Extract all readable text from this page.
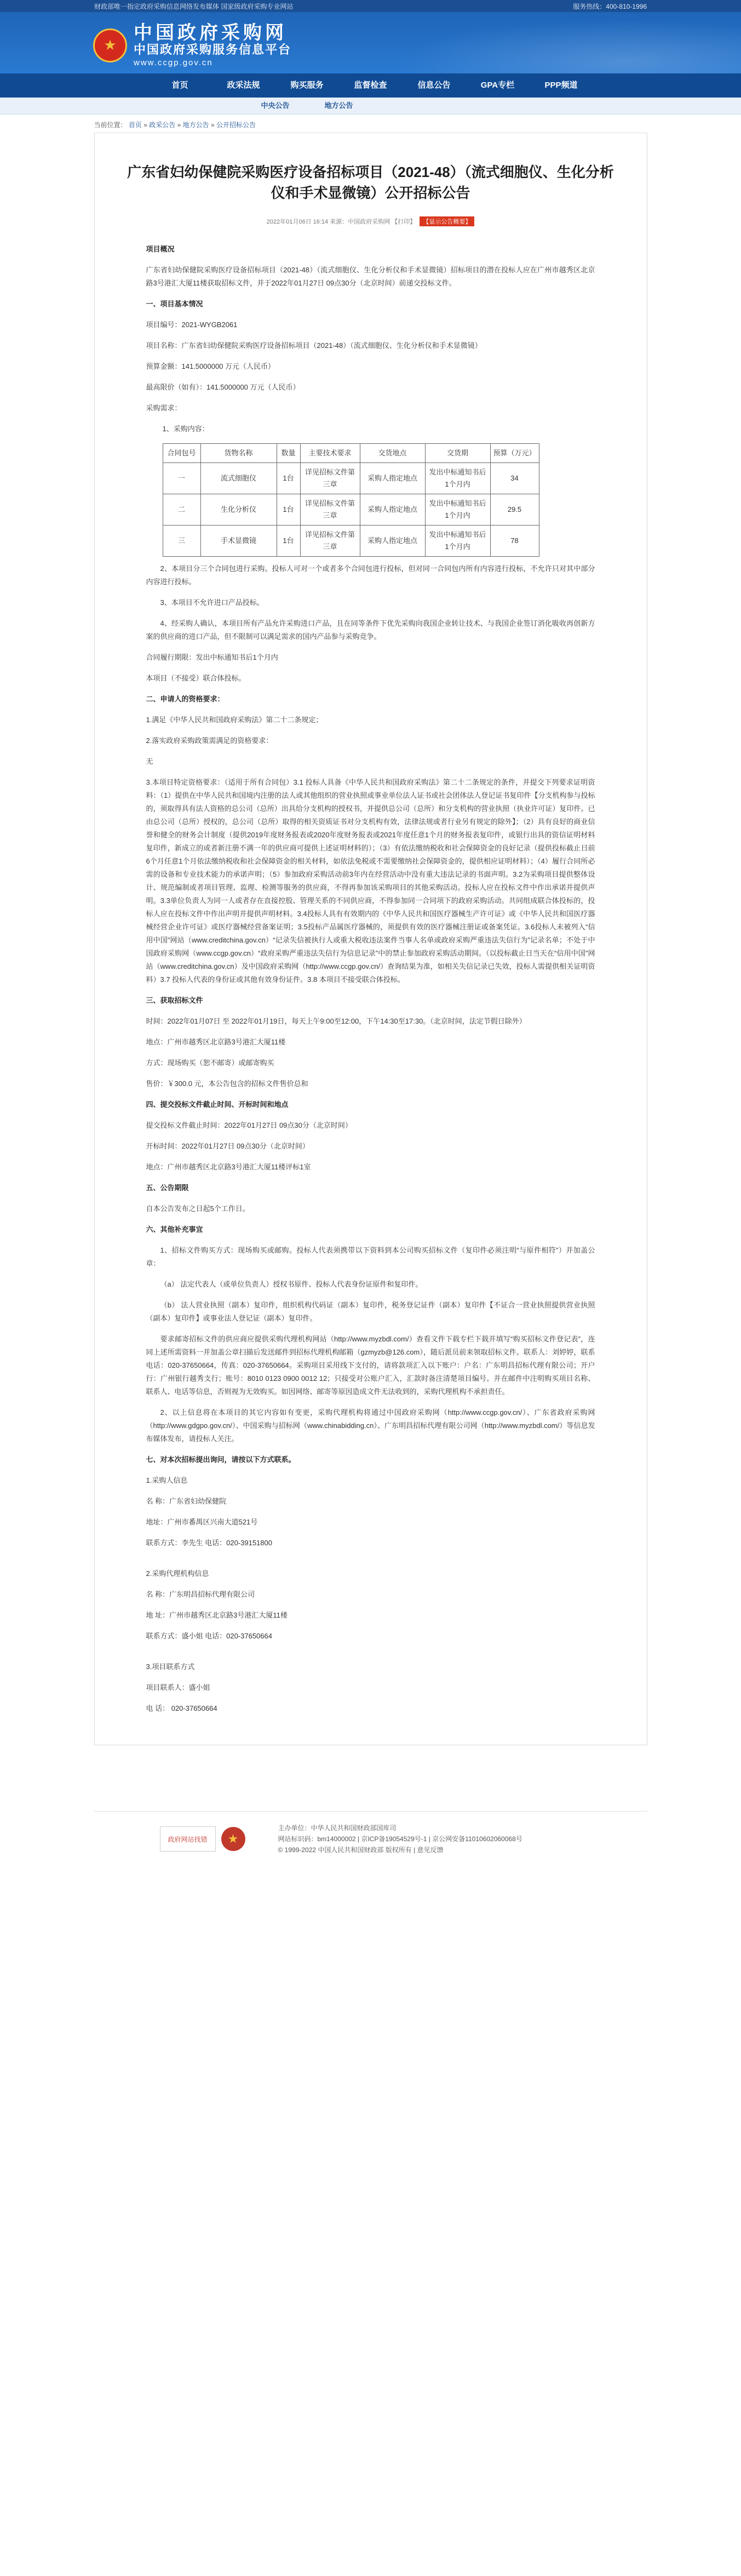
财政部唯一指定政府采购信息网络发布媒体 国家级政府采购专业网站	服务热线：400-810-1996
★
中国政府采购网
中国政府采购服务信息平台
www.ccgp.gov.cn
首页	政采法规	购买服务	监督检查	信息公告	GPA专栏	PPP频道
中央公告	地方公告
当前位置： 首页 » 政采公告 » 地方公告 » 公开招标公告
广东省妇幼保健院采购医疗设备招标项目（2021-48）（流式细胞仪、生化分析仪和手术显微镜）公开招标公告
2022年01月06日 16:14 来源：中国政府采购网 【打印】 【显示公告概要】

项目概况

广东省妇幼保健院采购医疗设备招标项目（2021-48）（流式细胞仪、生化分析仪和手术显微镜）招标项目的潜在投标人应在广州市越秀区北京路3号港汇大厦11楼获取招标文件，并于2022年01月27日 09点30分（北京时间）前递交投标文件。

一、项目基本情况

项目编号：2021-WYGB2061

项目名称：广东省妇幼保健院采购医疗设备招标项目（2021-48）（流式细胞仪、生化分析仪和手术显微镜）

预算金额：141.5000000 万元（人民币）

最高限价（如有）：141.5000000 万元（人民币）

采购需求：

1、采购内容：

合同包号	货物名称	数量	主要技术要求	交货地点	交货期	预算（万元）
一	流式细胞仪	1台	详见招标文件第三章	采购人指定地点	发出中标通知书后1个月内	34
二	生化分析仪	1台	详见招标文件第三章	采购人指定地点	发出中标通知书后1个月内	29.5
三	手术显微镜	1台	详见招标文件第三章	采购人指定地点	发出中标通知书后1个月内	78

2、本项目分三个合同包进行采购。投标人可对一个或者多个合同包进行投标，但对同一合同包内所有内容进行投标，不允许只对其中部分内容进行投标。

3、本项目不允许进口产品投标。

4、经采购人确认，本项目所有产品允许采购进口产品，且在同等条件下优先采购向我国企业转让技术、与我国企业签订消化吸收再创新方案的供应商的进口产品，但不限制可以满足需求的国内产品参与采购竞争。

合同履行期限：发出中标通知书后1个月内

本项目（不接受）联合体投标。

二、申请人的资格要求：

1.满足《中华人民共和国政府采购法》第二十二条规定；

2.落实政府采购政策需满足的资格要求：

无

3.本项目特定资格要求：（适用于所有合同包）3.1 投标人具备《中华人民共和国政府采购法》第二十二条规定的条件，并提交下列要求证明资料：（1）提供在中华人民共和国境内注册的法人或其他组织的营业执照或事业单位法人证书或社会团体法人登记证书复印件【分支机构参与投标的，须取得具有法人资格的总公司（总所）出具给分支机构的授权书，并提供总公司（总所）和分支机构的营业执照（执业许可证）复印件。已由总公司（总所）授权的，总公司（总所）取得的相关资质证书对分支机构有效，法律法规或者行业另有规定的除外】；（2）具有良好的商业信誉和健全的财务会计制度（提供2019年度财务报表或2020年度财务报表或2021年度任意1个月的财务报表复印件，或银行出具的资信证明材料复印件，新成立的或者新注册不满一年的供应商可提供上述证明材料的）；（3）有依法缴纳税收和社会保障资金的良好记录（提供投标截止日前6个月任意1个月依法缴纳税收和社会保障资金的相关材料，如依法免税或不需要缴纳社会保障资金的，提供相应证明材料）；（4）履行合同所必需的设备和专业技术能力的承诺声明；（5）参加政府采购活动前3年内在经营活动中没有重大违法记录的书面声明。3.2为采购项目提供整体设计、规范编制或者项目管理、监理、检测等服务的供应商，不得再参加该采购项目的其他采购活动。投标人应在投标文件中作出承诺并提供声明。3.3单位负责人为同一人或者存在直接控股、管理关系的不同供应商，不得参加同一合同项下的政府采购活动。共同组成联合体投标的，投标人应在投标文件中作出声明并提供声明材料。3.4投标人具有有效期内的《中华人民共和国医疗器械生产许可证》或《中华人民共和国医疗器械经营企业许可证》或医疗器械经营备案证明；3.5投标产品属医疗器械的，须提供有效的医疗器械注册证或备案凭证。3.6投标人未被列入“信用中国”网站（www.creditchina.gov.cn）“记录失信被执行人或重大税收违法案件当事人名单或政府采购严重违法失信行为”记录名单；不处于中国政府采购网（www.ccgp.gov.cn）“政府采购严重违法失信行为信息记录”中的禁止参加政府采购活动期间。（以投标截止日当天在“信用中国”网站（www.creditchina.gov.cn）及中国政府采购网（http://www.ccgp.gov.cn/）查询结果为准，如相关失信记录已失效，投标人需提供相关证明资料）3.7 投标人代表的身份证或其他有效身份证件。3.8 本项目不接受联合体投标。

三、获取招标文件

时间：2022年01月07日 至 2022年01月19日，每天上午9:00至12:00，下午14:30至17:30。（北京时间，法定节假日除外）

地点：广州市越秀区北京路3号港汇大厦11楼

方式：现场购买（恕不邮寄）或邮寄购买

售价：￥300.0 元，本公告包含的招标文件售价总和

四、提交投标文件截止时间、开标时间和地点

提交投标文件截止时间：2022年01月27日 09点30分（北京时间）

开标时间：2022年01月27日 09点30分（北京时间）

地点：广州市越秀区北京路3号港汇大厦11楼评标1室

五、公告期限

自本公告发布之日起5个工作日。

六、其他补充事宜

1、招标文件购买方式：现场购买或邮购。投标人代表须携带以下资料到本公司购买招标文件（复印件必须注明“与原件相符”）并加盖公章：

（a） 法定代表人（或单位负责人）授权书原件、投标人代表身份证原件和复印件。

（b） 法人营业执照（副本）复印件，组织机构代码证（副本）复印件，税务登记证件（副本）复印件【不证合一营业执照提供营业执照（副本）复印件】或事业法人登记证（副本）复印件。

要求邮寄招标文件的供应商应提供采购代理机构网站（http://www.myzbdl.com/）查看文件下载专栏下载并填写“购买招标文件登记表”，连同上述所需资料一并加盖公章扫描后发送邮件到招标代理机构邮箱（gzmyzb@126.com），随后派员前来领取招标文件。联系人：刘婷婷，联系电话：020-37650664，传真：020-37650664。采购项目采用线下支付的，请将款项汇入以下账户：户名：广东明昌招标代理有限公司；开户行：广州银行越秀支行；账号：8010 0123 0900 0012 12；只接受对公账户汇入，汇款时备注清楚项目编号。并在邮件中注明购买项目名称、联系人、电话等信息，否则视为无效购买。如因网络、邮寄等原因造成文件无法收到的，采购代理机构不承担责任。

2、以上信息将在本项目的其它内容如有变更，采购代理机构将通过中国政府采购网（http://www.ccgp.gov.cn/）、广东省政府采购网（http://www.gdgpo.gov.cn/）、中国采购与招标网（www.chinabidding.cn）、广东明昌招标代理有限公司网（http://www.myzbdl.com/）等信息发布媒体发布，请投标人关注。

七、对本次招标提出询问，请按以下方式联系。

1.采购人信息

名 称：广东省妇幼保健院

地址：广州市番禺区兴南大道521号

联系方式：李先生 电话：020-39151800

2.采购代理机构信息

名 称：广东明昌招标代理有限公司

地 址：广州市越秀区北京路3号港汇大厦11楼

联系方式：盛小姐 电话：020-37650664

3.项目联系方式

项目联系人：盛小姐

电 话： 020-37650664

政府网站找错	★
主办单位：中华人民共和国财政部国库司
网站标识码：bm14000002 | 京ICP备19054529号-1 | 京公网安备11010602060068号
© 1999-2022 中国人民共和国财政部 版权所有 | 意见反馈
